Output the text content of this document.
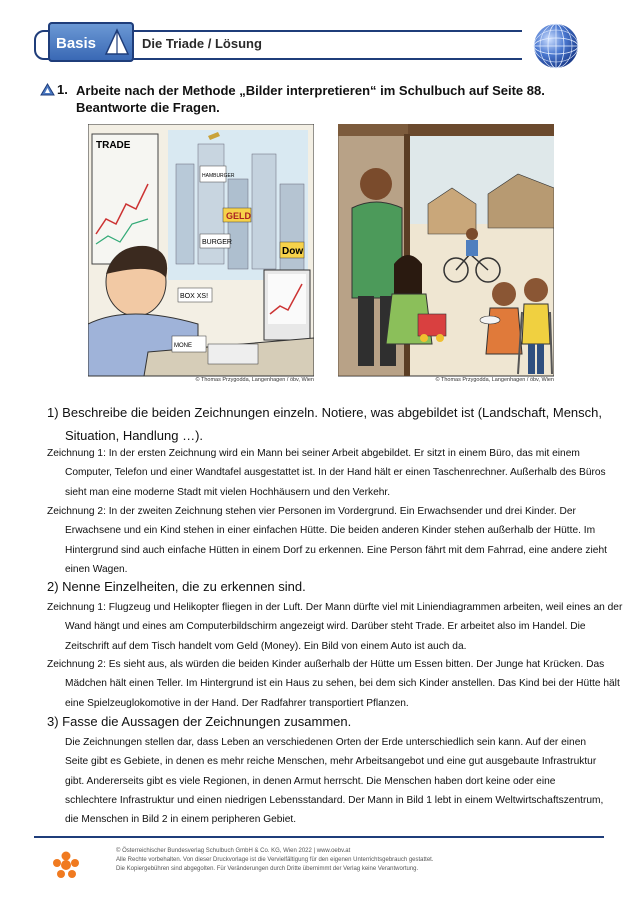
Basis	Die Triade / Lösung
1. Arbeite nach der Methode „Bilder interpretieren“ im Schulbuch auf Seite 88. Beantworte die Fragen.
TRADE
HAMBURGER
GELD
BURGER
Dow
BOX XS!
MONE
© Thomas Przygodda, Langenhagen / öbv, Wien	© Thomas Przygodda, Langenhagen / öbv, Wien
1) Beschreibe die beiden Zeichnungen einzeln. Notiere, was abgebildet ist (Landschaft, Mensch, Situation, Handlung …).
Zeichnung 1: In der ersten Zeichnung wird ein Mann bei seiner Arbeit abgebildet. Er sitzt in einem Büro, das mit einem Computer, Telefon und einer Wandtafel ausgestattet ist. In der Hand hält er einen Taschenrechner. Außerhalb des Büros sieht man eine moderne Stadt mit vielen Hochhäusern und den Verkehr.
Zeichnung 2: In der zweiten Zeichnung stehen vier Personen im Vordergrund. Ein Erwachsender und drei Kinder. Der Erwachsene und ein Kind stehen in einer einfachen Hütte. Die beiden anderen Kinder stehen außerhalb der Hütte. Im Hintergrund sind auch einfache Hütten in einem Dorf zu erkennen. Eine Person fährt mit dem Fahrrad, eine andere zieht einen Wagen.
2) Nenne Einzelheiten, die zu erkennen sind.
Zeichnung 1: Flugzeug und Helikopter fliegen in der Luft. Der Mann dürfte viel mit Liniendiagrammen arbeiten, weil eines an der Wand hängt und eines am Computerbildschirm angezeigt wird. Darüber steht Trade. Er arbeitet also im Handel. Die Zeitschrift auf dem Tisch handelt vom Geld (Money). Ein Bild von einem Auto ist auch da.
Zeichnung 2: Es sieht aus, als würden die beiden Kinder außerhalb der Hütte um Essen bitten. Der Junge hat Krücken. Das Mädchen hält einen Teller. Im Hintergrund ist ein Haus zu sehen, bei dem sich Kinder anstellen. Das Kind bei der Hütte hält eine Spielzeuglokomotive in der Hand. Der Radfahrer transportiert Pflanzen.
3) Fasse die Aussagen der Zeichnungen zusammen.
Die Zeichnungen stellen dar, dass Leben an verschiedenen Orten der Erde unterschiedlich sein kann. Auf der einen Seite gibt es Gebiete, in denen es mehr reiche Menschen, mehr Arbeitsangebot und eine gut ausgebaute Infrastruktur gibt. Andererseits gibt es viele Regionen, in denen Armut herrscht. Die Menschen haben dort keine oder eine schlechtere Infrastruktur und einen niedrigen Lebensstandard. Der Mann in Bild 1 lebt in einem Weltwirtschaftszentrum, die Menschen in Bild 2 in einem peripheren Gebiet.
© Österreichischer Bundesverlag Schulbuch GmbH & Co. KG, Wien 2022 | www.oebv.at
Alle Rechte vorbehalten. Von dieser Druckvorlage ist die Vervielfältigung für den eigenen Unterrichtsgebrauch gestattet.
Die Kopiergebühren sind abgegolten. Für Veränderungen durch Dritte übernimmt der Verlag keine Verantwortung.
